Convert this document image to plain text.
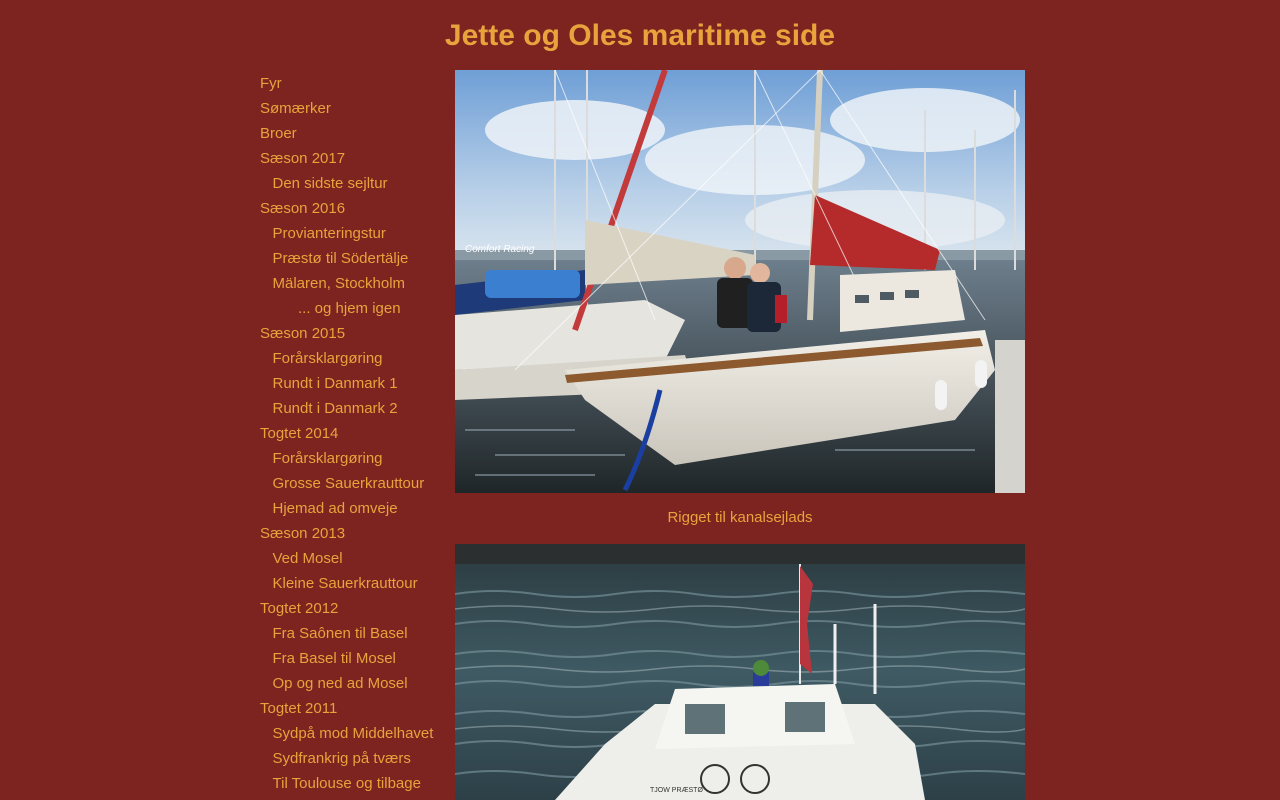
Jette og Oles maritime side
Fyr
Sømærker
Broer
Sæson 2017
Den sidste sejltur
Sæson 2016
Provianteringstur
Præstø til Södertälje
Mälaren, Stockholm
... og hjem igen
Sæson 2015
Forårsklargøring
Rundt i Danmark 1
Rundt i Danmark 2
Togtet 2014
Forårsklargøring
Grosse Sauerkrauttour
Hjemad ad omveje
Sæson 2013
Ved Mosel
Kleine Sauerkrauttour
Togtet 2012
Fra Saônen til Basel
Fra Basel til Mosel
Op og ned ad Mosel
Togtet 2011
Sydpå mod Middelhavet
Sydfrankrig på tværs
Til Toulouse og tilbage
Comfort Racing
Rigget til kanalsejlads
TJOW PRÆSTØ
